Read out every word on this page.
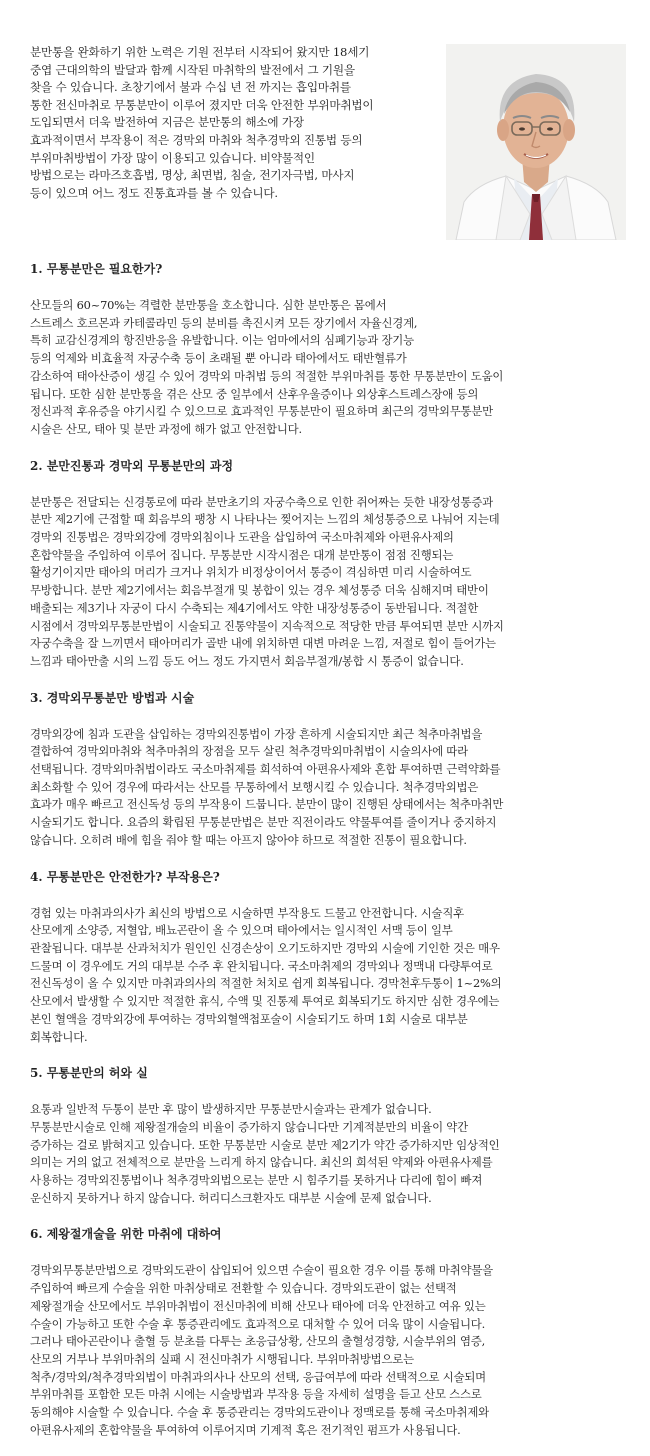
분만통을 완화하기 위한 노력은 기원 전부터 시작되어 왔지만 18세기
중엽 근대의학의 발달과 함께 시작된 마취학의 발전에서 그 기원을
찾을 수 있습니다. 초창기에서 불과 수십 년 전 까지는 흡입마취를
통한 전신마취로 무통분만이 이루어 졌지만 더욱 안전한 부위마취법이
도입되면서 더욱 발전하여 지금은 분만통의 해소에 가장
효과적이면서 부작용이 적은 경막외 마취와 척추경막외 진통법 등의
부위마취방법이 가장 많이 이용되고 있습니다. 비약물적인
방법으로는 라마즈호흡법, 명상, 최면법, 침술, 전기자극법, 마사지
등이 있으며 어느 정도 진통효과를 볼 수 있습니다.
1. 무통분만은 필요한가?
산모들의 60~70%는 격렬한 분만통을 호소합니다. 심한 분만통은 몸에서
스트레스 호르몬과 카테콜라민 등의 분비를 촉진시켜 모든 장기에서 자율신경계,
특히 교감신경계의 항진반응을 유발합니다. 이는 엄마에서의 심폐기능과 장기능
등의 억제와 비효율적 자궁수축 등이 초래될 뿐 아니라 태아에서도 태반혈류가
감소하여 태아산증이 생길 수 있어 경막외 마취법 등의 적절한 부위마취를 통한 무통분만이 도움이
됩니다. 또한 심한 분만통을 겪은 산모 중 일부에서 산후우울증이나 외상후스트레스장애 등의
정신과적 후유증을 야기시킬 수 있으므로 효과적인 무통분만이 필요하며 최근의 경막외무통분만
시술은 산모, 태아 및 분만 과정에 해가 없고 안전합니다.
2. 분만진통과 경막외 무통분만의 과정
분만통은 전달되는 신경통로에 따라 분만초기의 자궁수축으로 인한 쥐어짜는 듯한 내장성통증과
분만 제2기에 근접할 때 회음부의 팽창 시 나타나는 찢어지는 느낌의 체성통증으로 나눠어 지는데
경막외 진통법은 경막외강에 경막외침이나 도관을 삽입하여 국소마취제와 아편유사제의
혼합약물을 주입하여 이루어 집니다. 무통분만 시작시점은 대개 분만통이 점점 진행되는
활성기이지만 태아의 머리가 크거나 위치가 비정상이어서 통증이 격심하면 미리 시술하여도
무방합니다. 분만 제2기에서는 회음부절개 및 봉합이 있는 경우 체성통증 더욱 심해지며 태반이
배출되는 제3기나 자궁이 다시 수축되는 제4기에서도 약한 내장성통증이 동반됩니다. 적절한
시점에서 경막외무통분만법이 시술되고 진통약물이 지속적으로 적당한 만큼 투여되면 분만 시까지
자궁수축을 잘 느끼면서 태아머리가 골반 내에 위치하면 대변 마려운 느낌, 저절로 힘이 들어가는
느낌과 태아만출 시의 느낌 등도 어느 정도 가지면서 회음부절개/봉합 시 통증이 없습니다.
3. 경막외무통분만 방법과 시술
경막외강에 침과 도관을 삽입하는 경막외진통법이 가장 흔하게 시술되지만 최근 척추마취법을
결합하여 경막외마취와 척추마취의 장점을 모두 살린 척추경막외마취법이 시술의사에 따라
선택됩니다. 경막외마취법이라도 국소마취제를 희석하여 아편유사제와 혼합 투여하면 근력약화를
최소화할 수 있어 경우에 따라서는 산모를 무통하에서 보행시킬 수 있습니다. 척추경막외법은
효과가 매우 빠르고 전신독성 등의 부작용이 드뭅니다. 분만이 많이 진행된 상태에서는 척추마취만
시술되기도 합니다. 요즘의 확립된 무통분만법은 분만 직전이라도 약물투여를 줄이거나 중지하지
않습니다. 오히려 배에 힘을 줘야 할 때는 아프지 않아야 하므로 적절한 진통이 필요합니다.
4. 무통분만은 안전한가? 부작용은?
경험 있는 마취과의사가 최신의 방법으로 시술하면 부작용도 드물고 안전합니다. 시술직후
산모에게 소양증, 저혈압, 배뇨곤란이 올 수 있으며 태아에서는 일시적인 서맥 등이 일부
관찰됩니다. 대부분 산과처치가 원인인 신경손상이 오기도하지만 경막외 시술에 기인한 것은 매우
드물며 이 경우에도 거의 대부분 수주 후 완치됩니다. 국소마취제의 경막외나 정맥내 다량투여로
전신독성이 올 수 있지만 마취과의사의 적절한 처치로 쉽게 회복됩니다. 경막천후두통이 1~2%의
산모에서 발생할 수 있지만 적절한 휴식, 수액 및 진통제 투여로 회복되기도 하지만 심한 경우에는
본인 혈액을 경막외강에 투여하는 경막외혈액첩포술이 시술되기도 하며 1회 시술로 대부분
회복합니다.
5. 무통분만의 허와 실
요통과 일반적 두통이 분만 후 많이 발생하지만 무통분만시술과는 관계가 없습니다.
무통분만시술로 인해 제왕절개술의 비율이 증가하지 않습니다만 기계적분만의 비율이 약간
증가하는 걸로 밝혀지고 있습니다. 또한 무통분만 시술로 분만 제2기가 약간 증가하지만 임상적인
의미는 거의 없고 전체적으로 분만을 느리게 하지 않습니다. 최신의 희석된 약제와 아편유사제를
사용하는 경막외진통법이나 척추경막외법으로는 분만 시 힘주기를 못하거나 다리에 힘이 빠져
운신하지 못하거나 하지 않습니다. 허리디스크환자도 대부분 시술에 문제 없습니다.
6. 제왕절개술을 위한 마취에 대하여
경막외무통분만법으로 경막외도관이 삽입되어 있으면 수술이 필요한 경우 이를 통해 마취약물을
주입하여 빠르게 수술을 위한 마취상태로 전환할 수 있습니다. 경막외도관이 없는 선택적
제왕절개술 산모에서도 부위마취법이 전신마취에 비해 산모나 태아에 더욱 안전하고 여유 있는
수술이 가능하고 또한 수술 후 통증관리에도 효과적으로 대처할 수 있어 더욱 많이 시술됩니다.
그러나 태아곤란이나 출혈 등 분초를 다투는 초응급상황, 산모의 출혈성경향, 시술부위의 염증,
산모의 거부나 부위마취의 실패 시 전신마취가 시행됩니다. 부위마취방법으로는
척추/경막외/척추경막외법이 마취과의사나 산모의 선택, 응급여부에 따라 선택적으로 시술되며
부위마취를 포함한 모든 마취 시에는 시술방법과 부작용 등을 자세히 설명을 듣고 산모 스스로
동의해야 시술할 수 있습니다. 수술 후 통증관리는 경막외도관이나 정맥로를 통해 국소마취제와
아편유사제의 혼합약물을 투여하여 이루어지며 기계적 혹은 전기적인 펌프가 사용됩니다.
